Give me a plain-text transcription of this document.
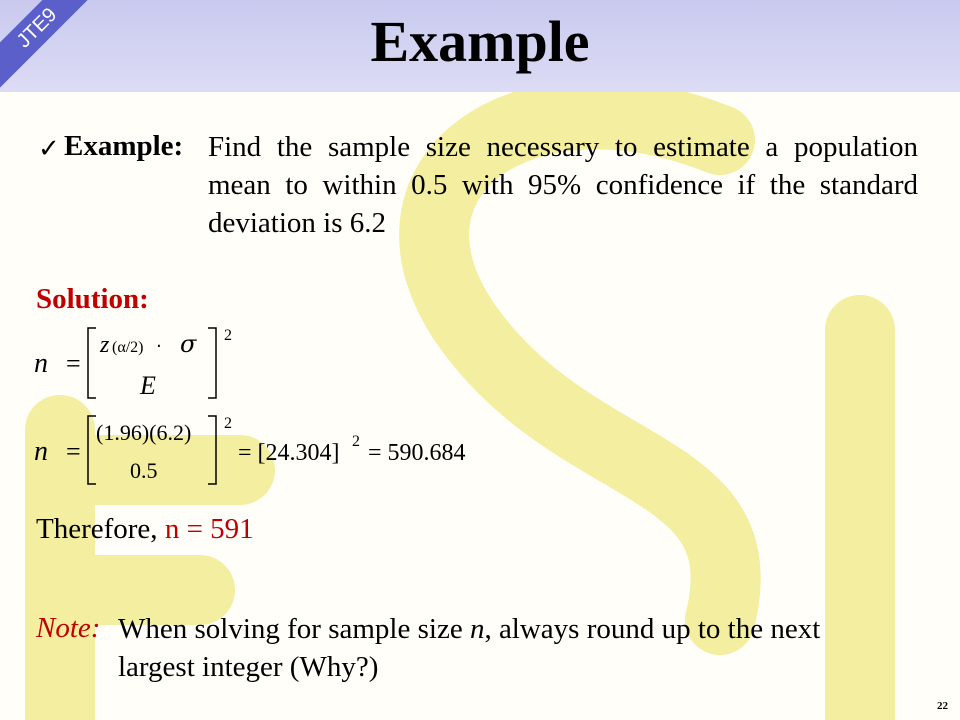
JTE9	Example
✓ Example: Find the sample size necessary to estimate a population mean to within 0.5 with 95% confidence if the standard deviation is 6.2
Solution:
n =
z (α/2) ⋅ σ
E
2
n =
(1.96)(6.2)
0.5
2
= [24.304] 2 = 590.684
Therefore, n = 591
Note: When solving for sample size n, always round up to the next largest integer (Why?)
22
